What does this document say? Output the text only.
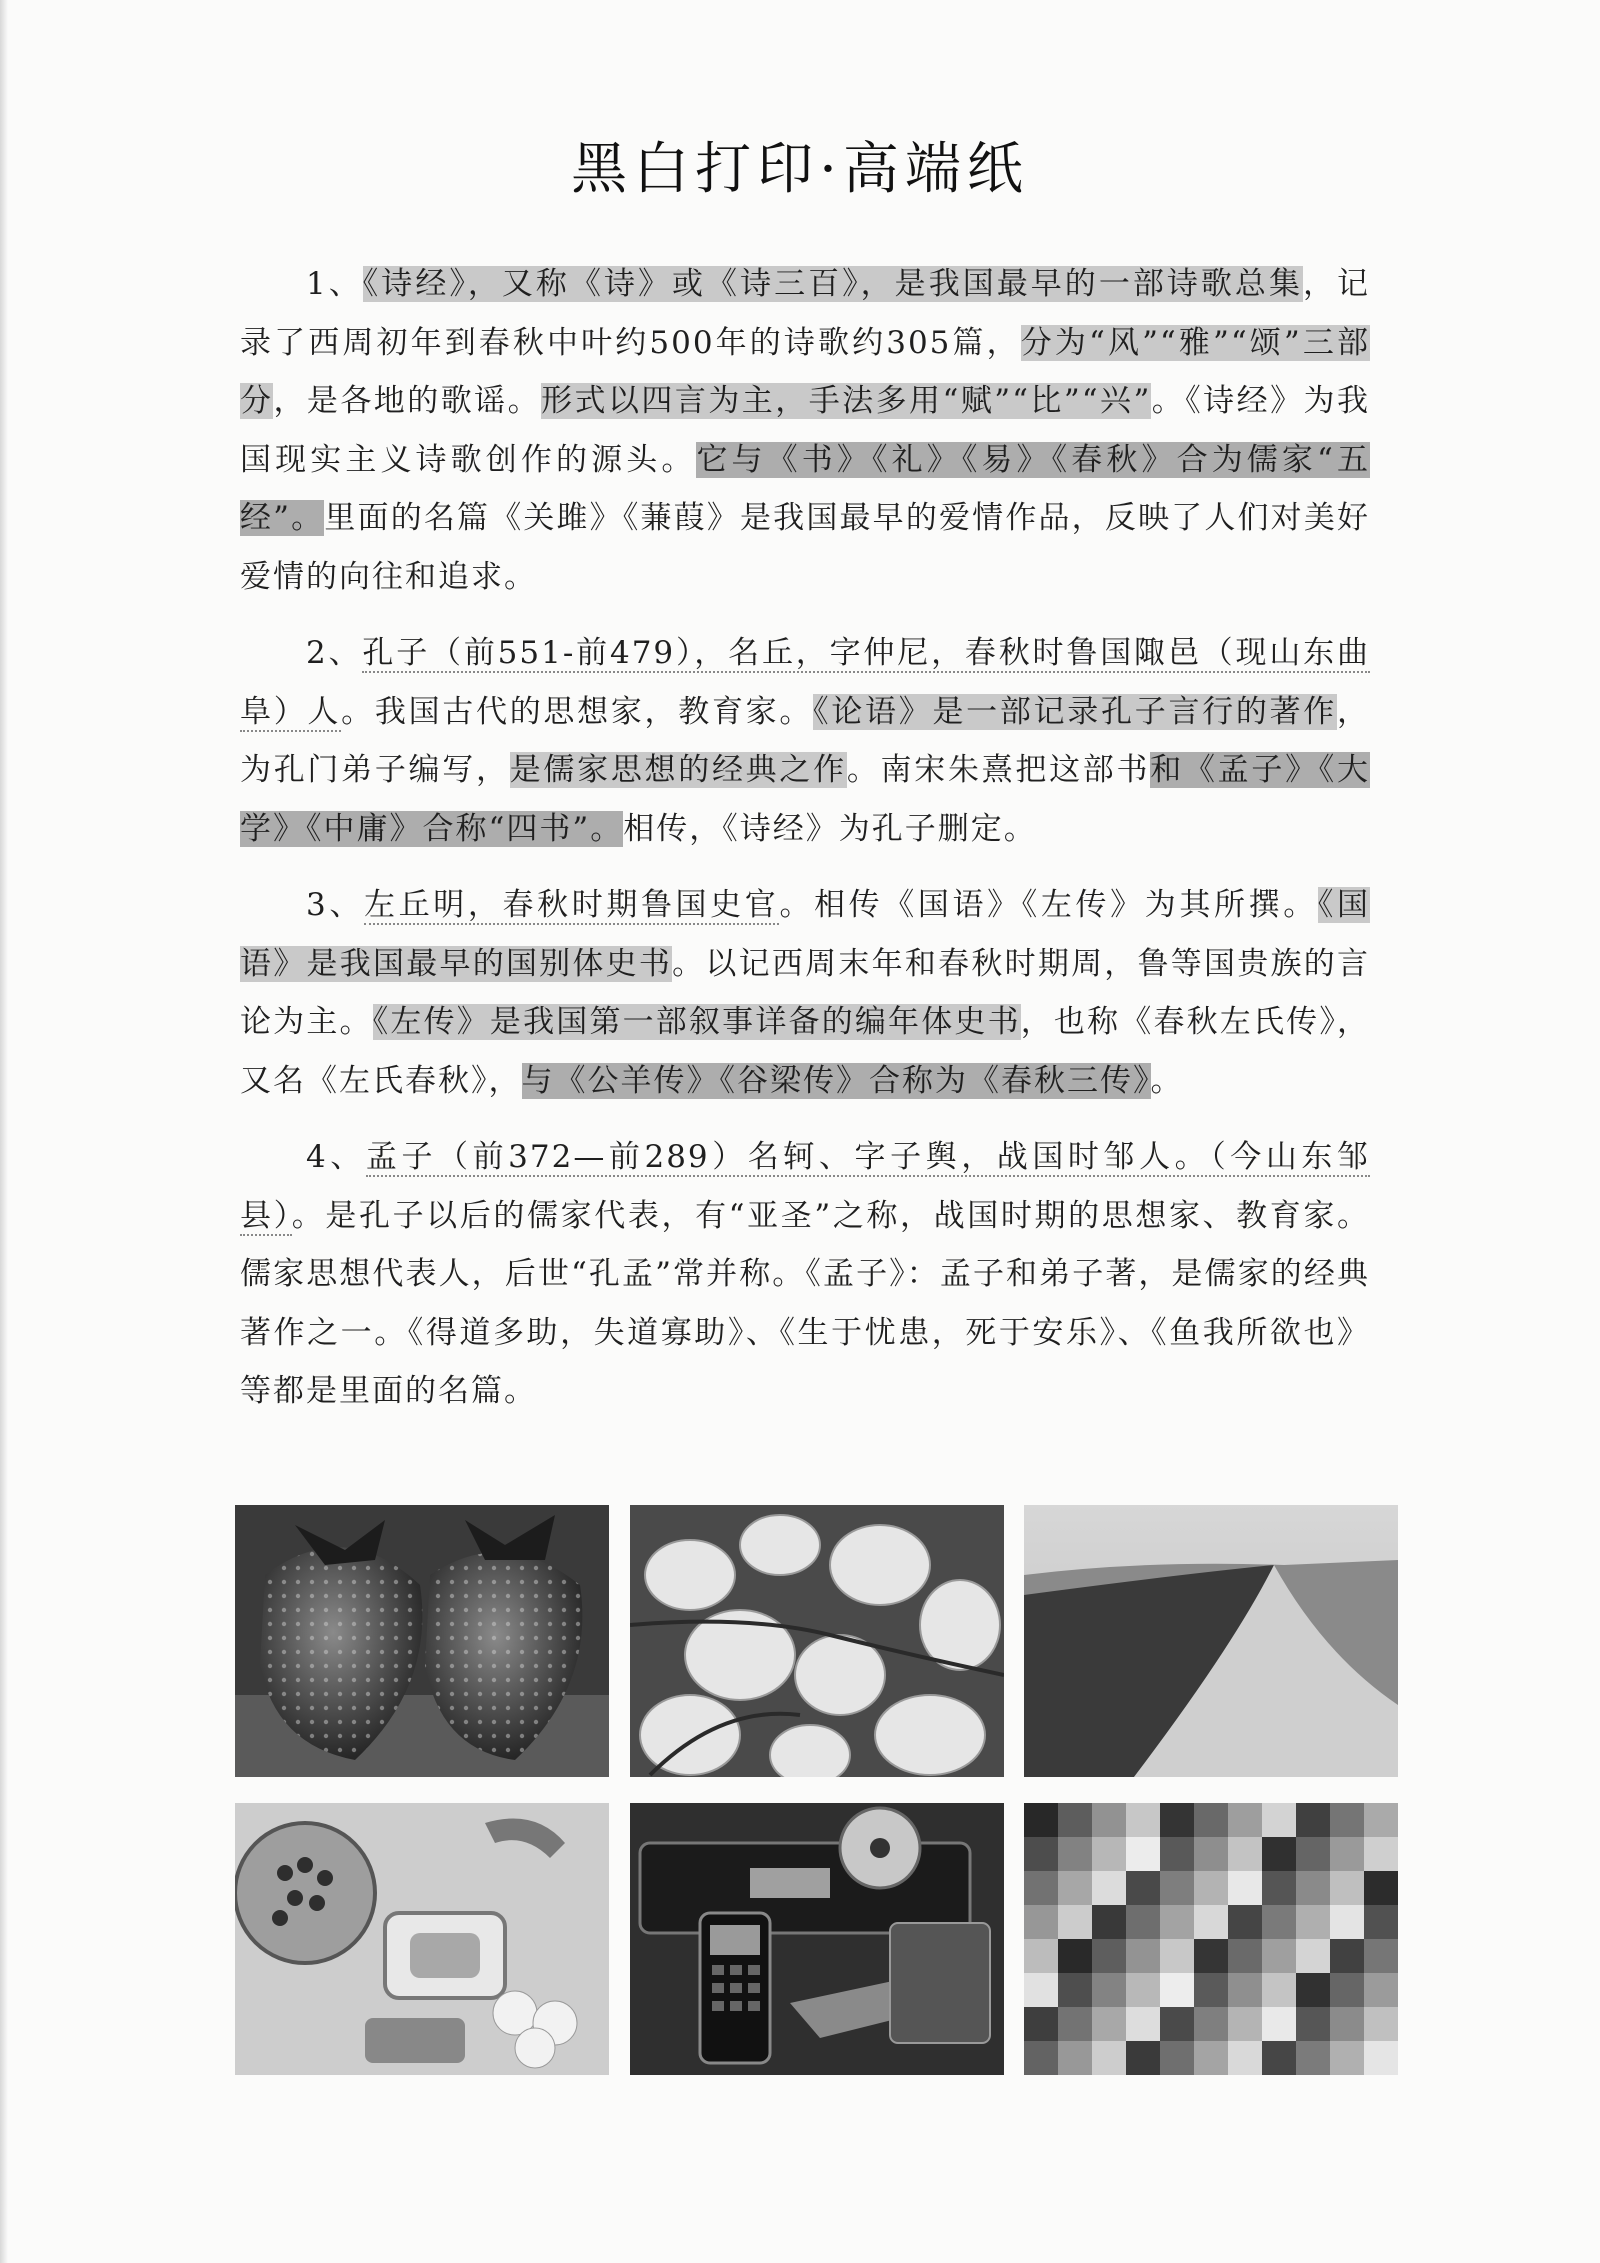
黑白打印·高端纸

1、《诗经》，又称《诗》或《诗三百》，是我国最早的一部诗歌总集，记录了西周初年到春秋中叶约500年的诗歌约305篇，分为“风”“雅”“颂”三部分，是各地的歌谣。形式以四言为主，手法多用“赋”“比”“兴”。《诗经》为我国现实主义诗歌创作的源头。它与《书》《礼》《易》《春秋》合为儒家“五经”。里面的名篇《关雎》《蒹葭》是我国最早的爱情作品，反映了人们对美好爱情的向往和追求。

2、孔子（前551-前479），名丘，字仲尼，春秋时鲁国陬邑（现山东曲阜）人。我国古代的思想家，教育家。《论语》是一部记录孔子言行的著作，为孔门弟子编写，是儒家思想的经典之作。南宋朱熹把这部书和《孟子》《大学》《中庸》合称“四书”。相传，《诗经》为孔子删定。

3、左丘明，春秋时期鲁国史官。相传《国语》《左传》为其所撰。《国语》是我国最早的国别体史书。以记西周末年和春秋时期周，鲁等国贵族的言论为主。《左传》是我国第一部叙事详备的编年体史书，也称《春秋左氏传》，又名《左氏春秋》，与《公羊传》《谷梁传》合称为《春秋三传》。

4、孟子（前372—前289）名轲、字子舆，战国时邹人。（今山东邹县）。是孔子以后的儒家代表，有“亚圣”之称，战国时期的思想家、教育家。儒家思想代表人，后世“孔孟”常并称。《孟子》：孟子和弟子著，是儒家的经典著作之一。《得道多助，失道寡助》、《生于忧患，死于安乐》、《鱼我所欲也》等都是里面的名篇。
